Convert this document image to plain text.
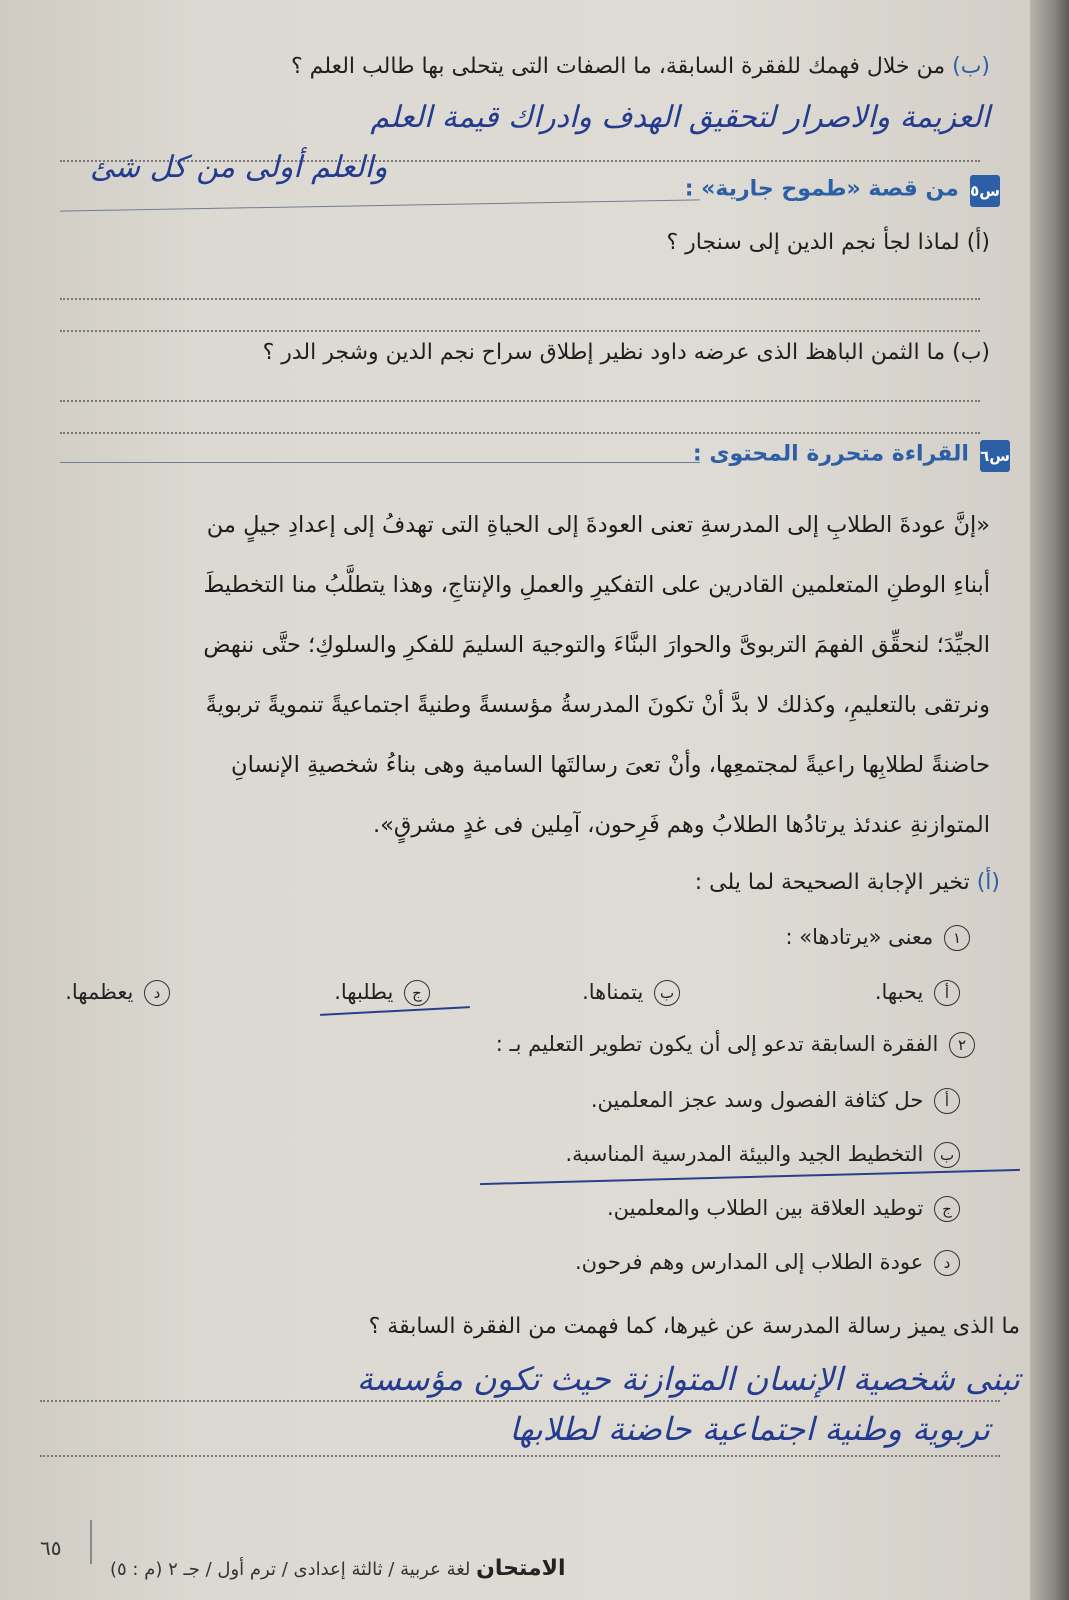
(ب) من خلال فهمك للفقرة السابقة، ما الصفات التى يتحلى بها طالب العلم ؟
العزيمة والاصرار لتحقيق الهدف وادراك قيمة العلم
والعلم أولى من كل شئ
س٥ من قصة «طموح جارية» :
(أ) لماذا لجأ نجم الدين إلى سنجار ؟
(ب) ما الثمن الباهظ الذى عرضه داود نظير إطلاق سراح نجم الدين وشجر الدر ؟
س٦ القراءة متحررة المحتوى :

«إنَّ عودةَ الطلابِ إلى المدرسةِ تعنى العودةَ إلى الحياةِ التى تهدفُ إلى إعدادِ جيلٍ من

أبناءِ الوطنِ المتعلمين القادرين على التفكيرِ والعملِ والإنتاجِ، وهذا يتطلَّبُ منا التخطيطَ

الجيِّدَ؛ لنحقِّق الفهمَ التربوىَّ والحوارَ البنَّاءَ والتوجيهَ السليمَ للفكرِ والسلوكِ؛ حتَّى ننهض

ونرتقى بالتعليمِ، وكذلك لا بدَّ أنْ تكونَ المدرسةُ مؤسسةً وطنيةً اجتماعيةً تنمويةً تربويةً

حاضنةً لطلابِها راعيةً لمجتمعِها، وأنْ تعىَ رسالتَها السامية وهى بناءُ شخصيةِ الإنسانِ

المتوازنةِ عندئذ يرتادُها الطلابُ وهم فَرِحون، آمِلين فى غدٍ مشرقٍ».

(أ) تخير الإجابة الصحيحة لما يلى :
١ معنى «يرتادها» :
أ يحبها.
ب يتمناها.
ج يطلبها.
د يعظمها.
٢ الفقرة السابقة تدعو إلى أن يكون تطوير التعليم بـ :
أ حل كثافة الفصول وسد عجز المعلمين.
ب التخطيط الجيد والبيئة المدرسية المناسبة.
ج توطيد العلاقة بين الطلاب والمعلمين.
د عودة الطلاب إلى المدارس وهم فرحون.
ما الذى يميز رسالة المدرسة عن غيرها، كما فهمت من الفقرة السابقة ؟
تبنى شخصية الإنسان المتوازنة حيث تكون مؤسسة
تربوية وطنية اجتماعية حاضنة لطلابها
الامتحان لغة عربية / ثالثة إعدادى / ترم أول / جـ ٢ (م : ٥)
٦٥
